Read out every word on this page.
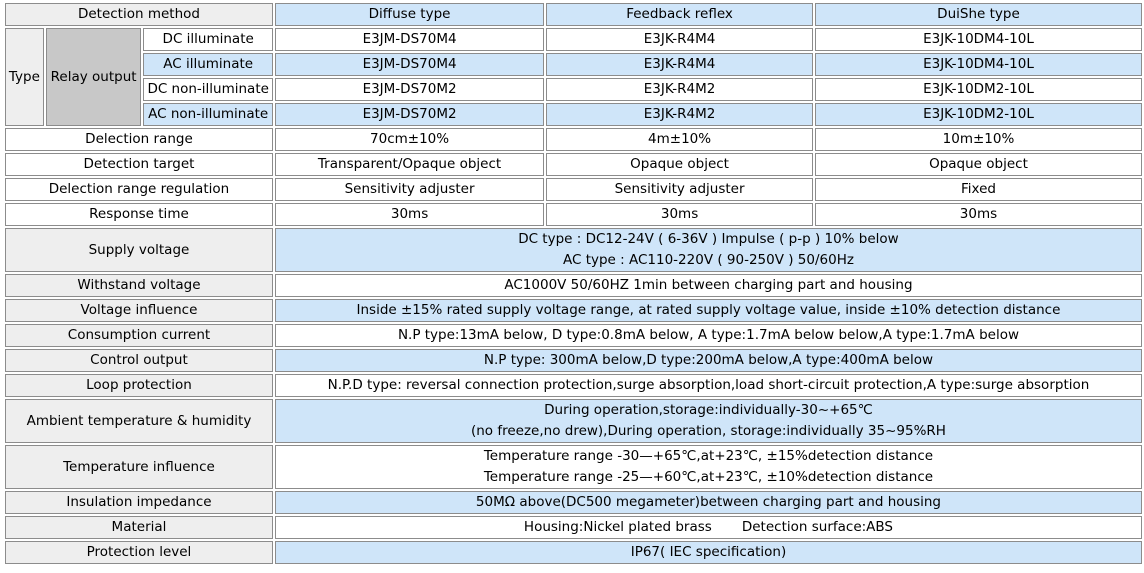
Detection method			Diffuse type	Feedback reflex	DuiShe type
Type	Relay output	DC illuminate	E3JM-DS70M4	E3JK-R4M4	E3JK-10DM4-10L
		AC illuminate	E3JM-DS70M4	E3JK-R4M4	E3JK-10DM4-10L
		DC non-illuminate	E3JM-DS70M2	E3JK-R4M2	E3JK-10DM2-10L
		AC non-illuminate	E3JM-DS70M2	E3JK-R4M2	E3JK-10DM2-10L
Delection range			70cm±10%	4m±10%	10m±10%
Detection target			Transparent/Opaque object	Opaque object	Opaque object
Delection range regulation			Sensitivity adjuster	Sensitivity adjuster	Fixed
Response time			30ms	30ms	30ms
Supply voltage			DC type : DC12-24V ( 6-36V ) Impulse ( p-p ) 10% below
AC type : AC110-220V ( 90-250V ) 50/60Hz		

Withstand voltage			AC1000V 50/60HZ 1min between charging part and housing		
Voltage influence			Inside ±15% rated supply voltage range, at rated supply voltage value, inside ±10% detection distance		
Consumption current			N.P type:13mA below, D type:0.8mA below, A type:1.7mA below below,A type:1.7mA below		
Control output			N.P type: 300mA below,D type:200mA below,A type:400mA below		
Loop protection			N.P.D type: reversal connection protection,surge absorption,load short-circuit protection,A type:surge absorption		
Ambient temperature & humidity			During operation,storage:individually-30~+65℃
(no freeze,no drew),During operation, storage:individually 35~95%RH		

Temperature influence			Temperature range -30—+65℃,at+23℃, ±15%detection distance
Temperature range -25—+60℃,at+23℃, ±10%detection distance		

Insulation impedance			50MΩ above(DC500 megameter)between charging part and housing		
Material			Housing:Nickel plated brass       Detection surface:ABS		
Protection level			IP67( IEC specification)		
